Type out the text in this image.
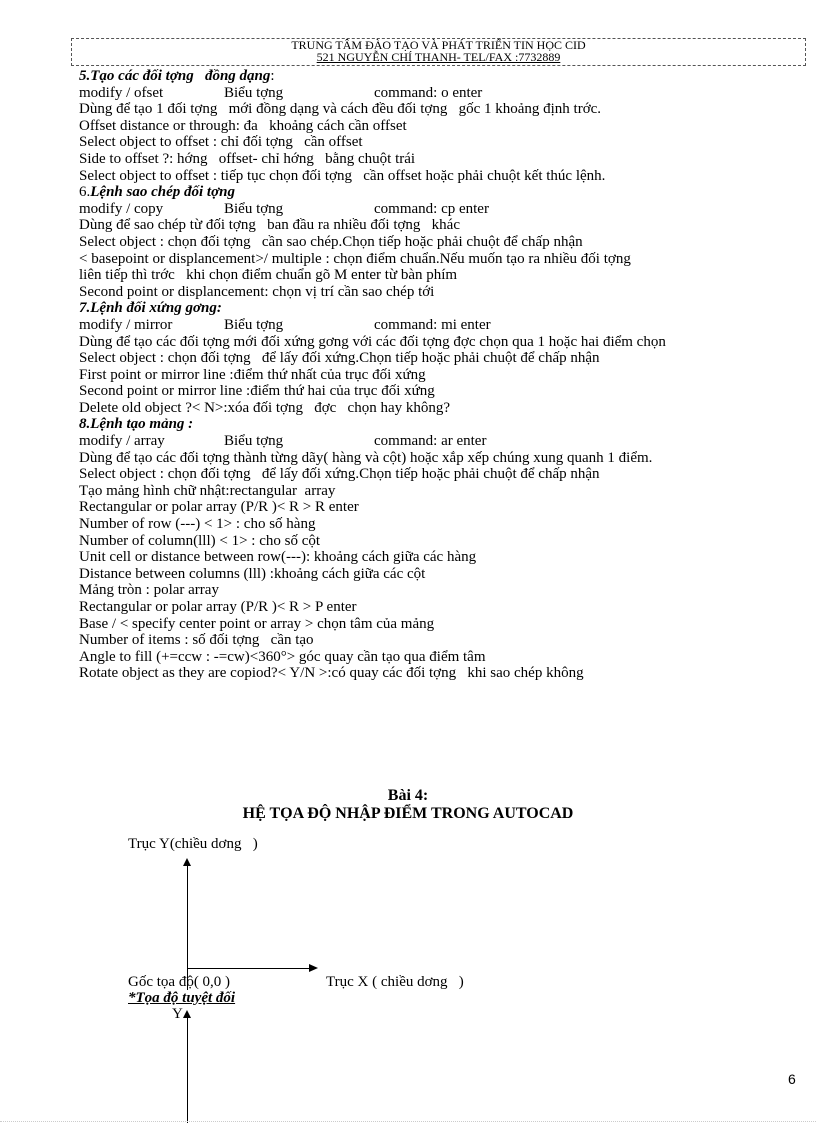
TRUNG TÂM ĐÀO TẠO VÀ PHÁT TRIỂN TIN HỌC CID
521 NGUYỄN CHÍ THANH- TEL/FAX :7732889
5.Tạo các đối tợng   đồng dạng:
modify / ofset	Biểu tợng	command: o enter
Dùng để tạo 1 đối tợng   mới đồng dạng và cách đều đối tợng   gốc 1 khoảng định trớc.
Offset distance or through: đa   khoảng cách cần offset
Select object to offset : chỉ đối tợng   cần offset
Side to offset ?: hớng   offset- chỉ hớng   bằng chuột trái
Select object to offset : tiếp tục chọn đối tợng   cần offset hoặc phải chuột kết thúc lệnh.
6.Lệnh sao chép đối tợng
modify / copy	Biểu tợng	command: cp enter
Dùng để sao chép từ đối tợng   ban đầu ra nhiều đối tợng   khác
Select object : chọn đối tợng   cần sao chép.Chọn tiếp hoặc phải chuột để chấp nhận
< basepoint or displancement>/ multiple : chọn điểm chuẩn.Nếu muốn tạo ra nhiều đối tợng
liên tiếp thì trớc   khi chọn điểm chuẩn gõ M enter từ bàn phím
Second point or displancement: chọn vị trí cần sao chép tới
7.Lệnh đối xứng gơng:
modify / mirror	Biểu tợng	command: mi enter
Dùng để tạo các đối tợng mới đối xứng gơng với các đối tợng đợc chọn qua 1 hoặc hai điểm chọn
Select object : chọn đối tợng   để lấy đối xứng.Chọn tiếp hoặc phải chuột để chấp nhận
First point or mirror line :điểm thứ nhất của trục đối xứng
Second point or mirror line :điểm thứ hai của trục đối xứng
Delete old object ?< N>:xóa đối tợng   đợc   chọn hay không?
8.Lệnh tạo mảng :
modify / array	Biểu tợng	command: ar enter
Dùng để tạo các đối tợng thành từng dãy( hàng và cột) hoặc xắp xếp chúng xung quanh 1 điểm.
Select object : chọn đối tợng   để lấy đối xứng.Chọn tiếp hoặc phải chuột để chấp nhận
Tạo mảng hình chữ nhật:rectangular  array
Rectangular or polar array (P/R )< R > R enter
Number of row (---) < 1> : cho số hàng
Number of column(lll) < 1> : cho số cột
Unit cell or distance between row(---): khoảng cách giữa các hàng
Distance between columns (lll) :khoảng cách giữa các cột
Mảng tròn : polar array
Rectangular or polar array (P/R )< R > P enter
Base / < specify center point or array > chọn tâm của mảng
Number of items : số đối tợng   cần tạo
Angle to fill (+=ccw : -=cw)<360°> góc quay cần tạo qua điểm tâm
Rotate object as they are copiod?< Y/N >:có quay các đối tợng   khi sao chép không
Bài 4:
HỆ TỌA ĐỘ NHẬP ĐIỂM TRONG AUTOCAD
Trục Y(chiều dơng   )
Gốc tọa độ( 0,0 )	Trục X ( chiều dơng   )
*Tọa độ tuyệt đối
Y
6
